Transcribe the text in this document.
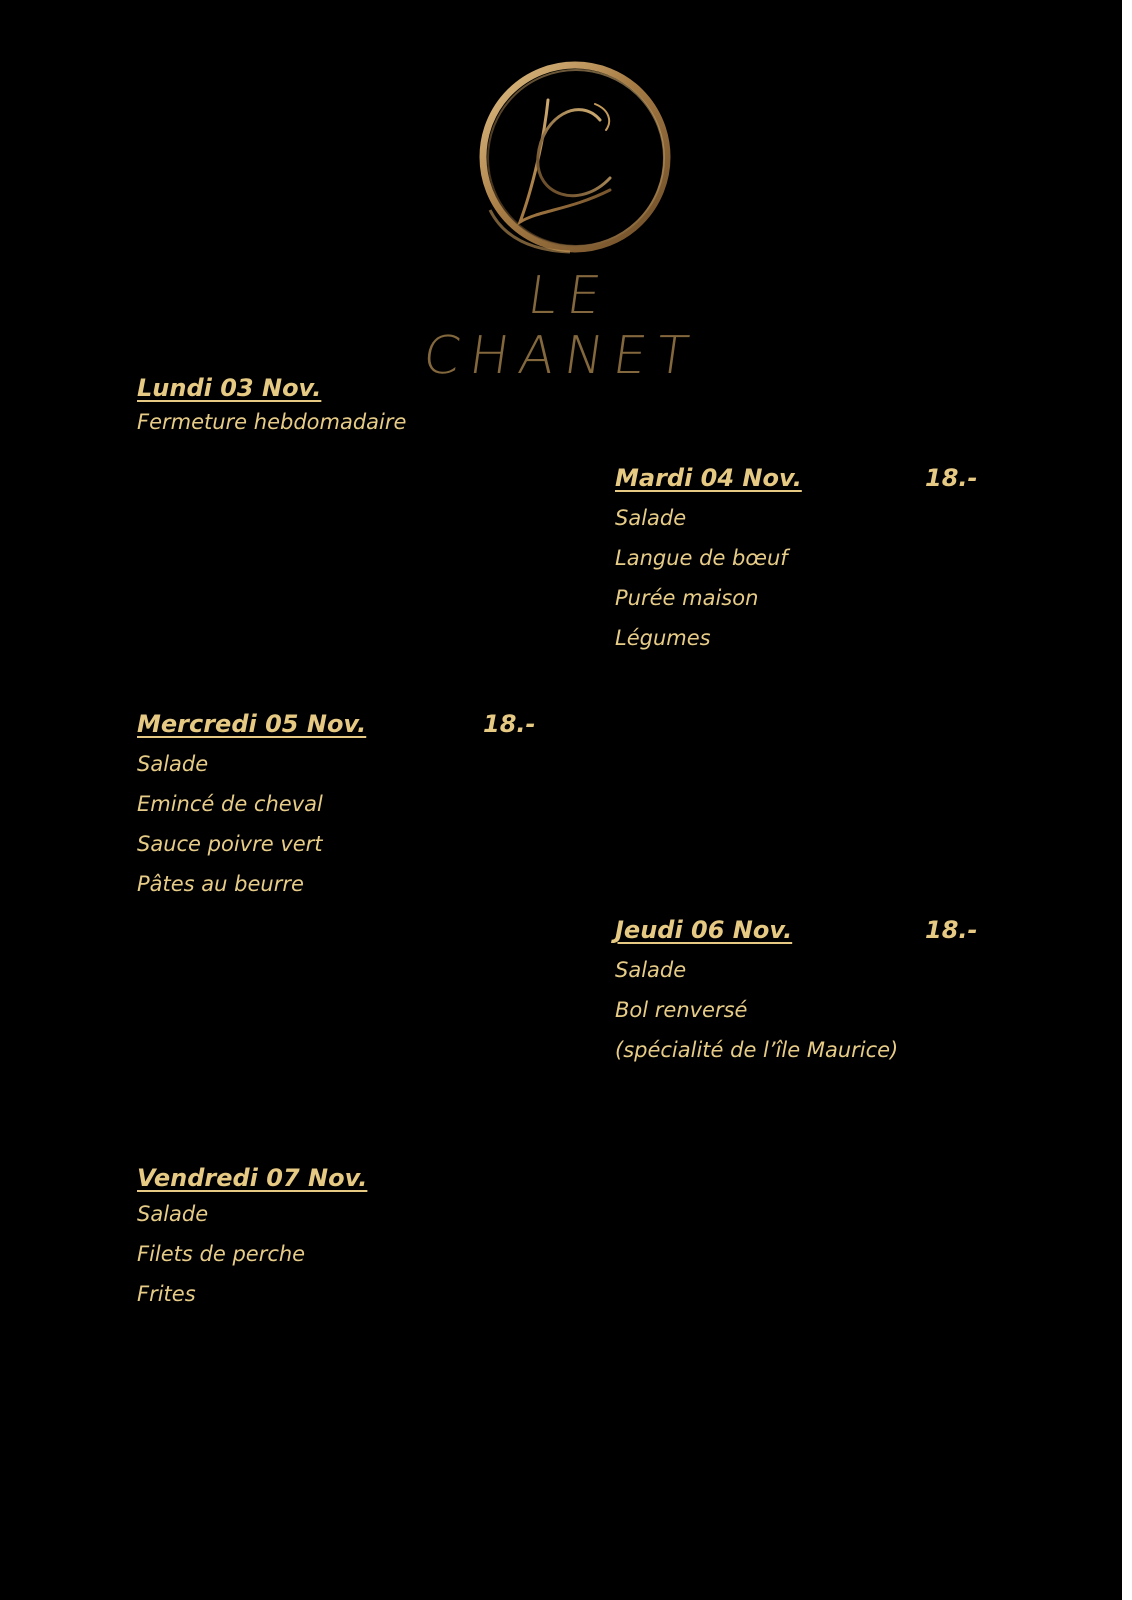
LE CHANET
Lundi 03 Nov.
Fermeture hebdomadaire
Mardi 04 Nov.	18.-
Salade
Langue de bœuf
Purée maison
Légumes
Mercredi 05 Nov.	18.-
Salade
Emincé de cheval
Sauce poivre vert
Pâtes au beurre
Jeudi 06 Nov.	18.-
Salade
Bol renversé
(spécialité de l’île Maurice)
Vendredi 07 Nov.
Salade
Filets de perche
Frites
